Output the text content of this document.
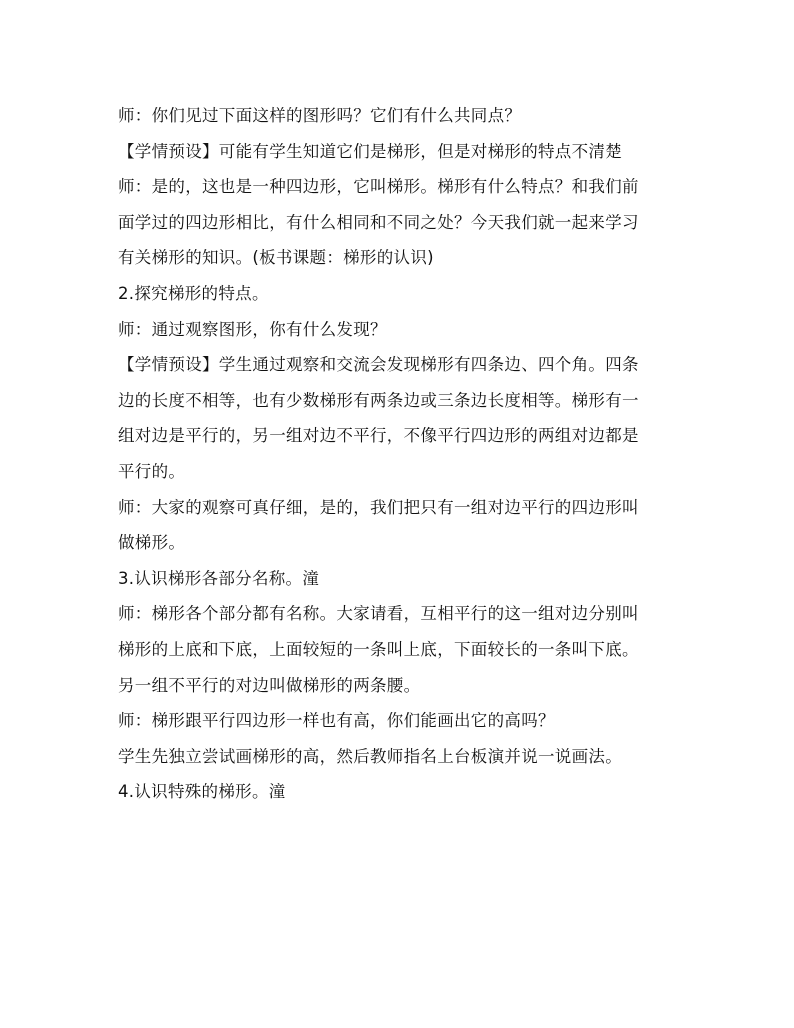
师：你们见过下面这样的图形吗？它们有什么共同点？
【学情预设】可能有学生知道它们是梯形，但是对梯形的特点不清楚
师：是的，这也是一种四边形，它叫梯形。梯形有什么特点？和我们前
面学过的四边形相比，有什么相同和不同之处？今天我们就一起来学习
有关梯形的知识。(板书课题：梯形的认识)
2.探究梯形的特点。
师：通过观察图形，你有什么发现？
【学情预设】学生通过观察和交流会发现梯形有四条边、四个角。四条
边的长度不相等，也有少数梯形有两条边或三条边长度相等。梯形有一
组对边是平行的，另一组对边不平行，不像平行四边形的两组对边都是
平行的。
师：大家的观察可真仔细，是的，我们把只有一组对边平行的四边形叫
做梯形。
3.认识梯形各部分名称。潼
师：梯形各个部分都有名称。大家请看，互相平行的这一组对边分别叫
梯形的上底和下底，上面较短的一条叫上底，下面较长的一条叫下底。
另一组不平行的对边叫做梯形的两条腰。
师：梯形跟平行四边形一样也有高，你们能画出它的高吗？
学生先独立尝试画梯形的高，然后教师指名上台板演并说一说画法。
4.认识特殊的梯形。潼
